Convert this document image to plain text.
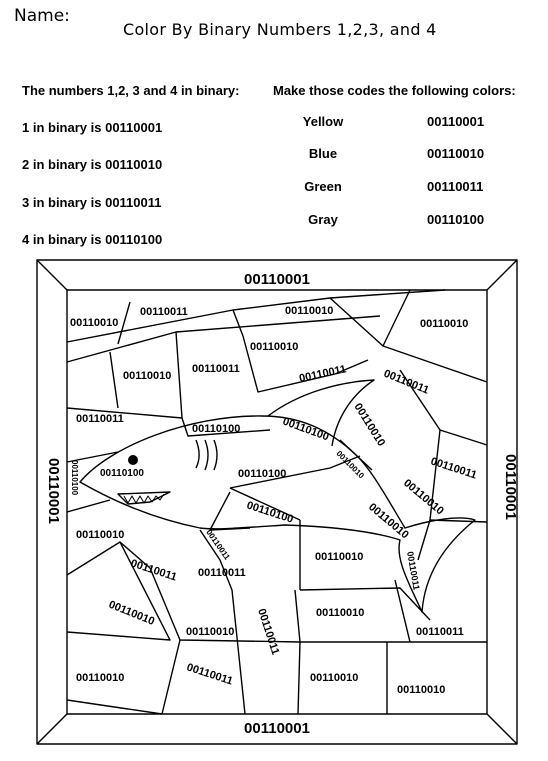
Name:
Color By Binary Numbers 1,2,3, and 4
The numbers 1,2, 3 and 4 in binary:	Make those codes the following colors:
1 in binary is 00110001
2 in binary is 00110010
3 in binary is 00110011
4 in binary is 00110100
Yellow	00110001
Blue	00110010
Green	00110011
Gray	00110100
00110001
00110001
00110001	00110001
00110010
00110011	00110010
00110010
00110010
00110010
00110011	00110011	00110011
00110011
00110100	00110100 00110010
00110100
00110100	00110011
00110100	00110010
00110010
00110100
00110011
00110010
00110010
00110011
00110010
00110011 00110011
00110010	00110011	00110010
00110010	00110011
00110010	00110011	00110010
00110010
